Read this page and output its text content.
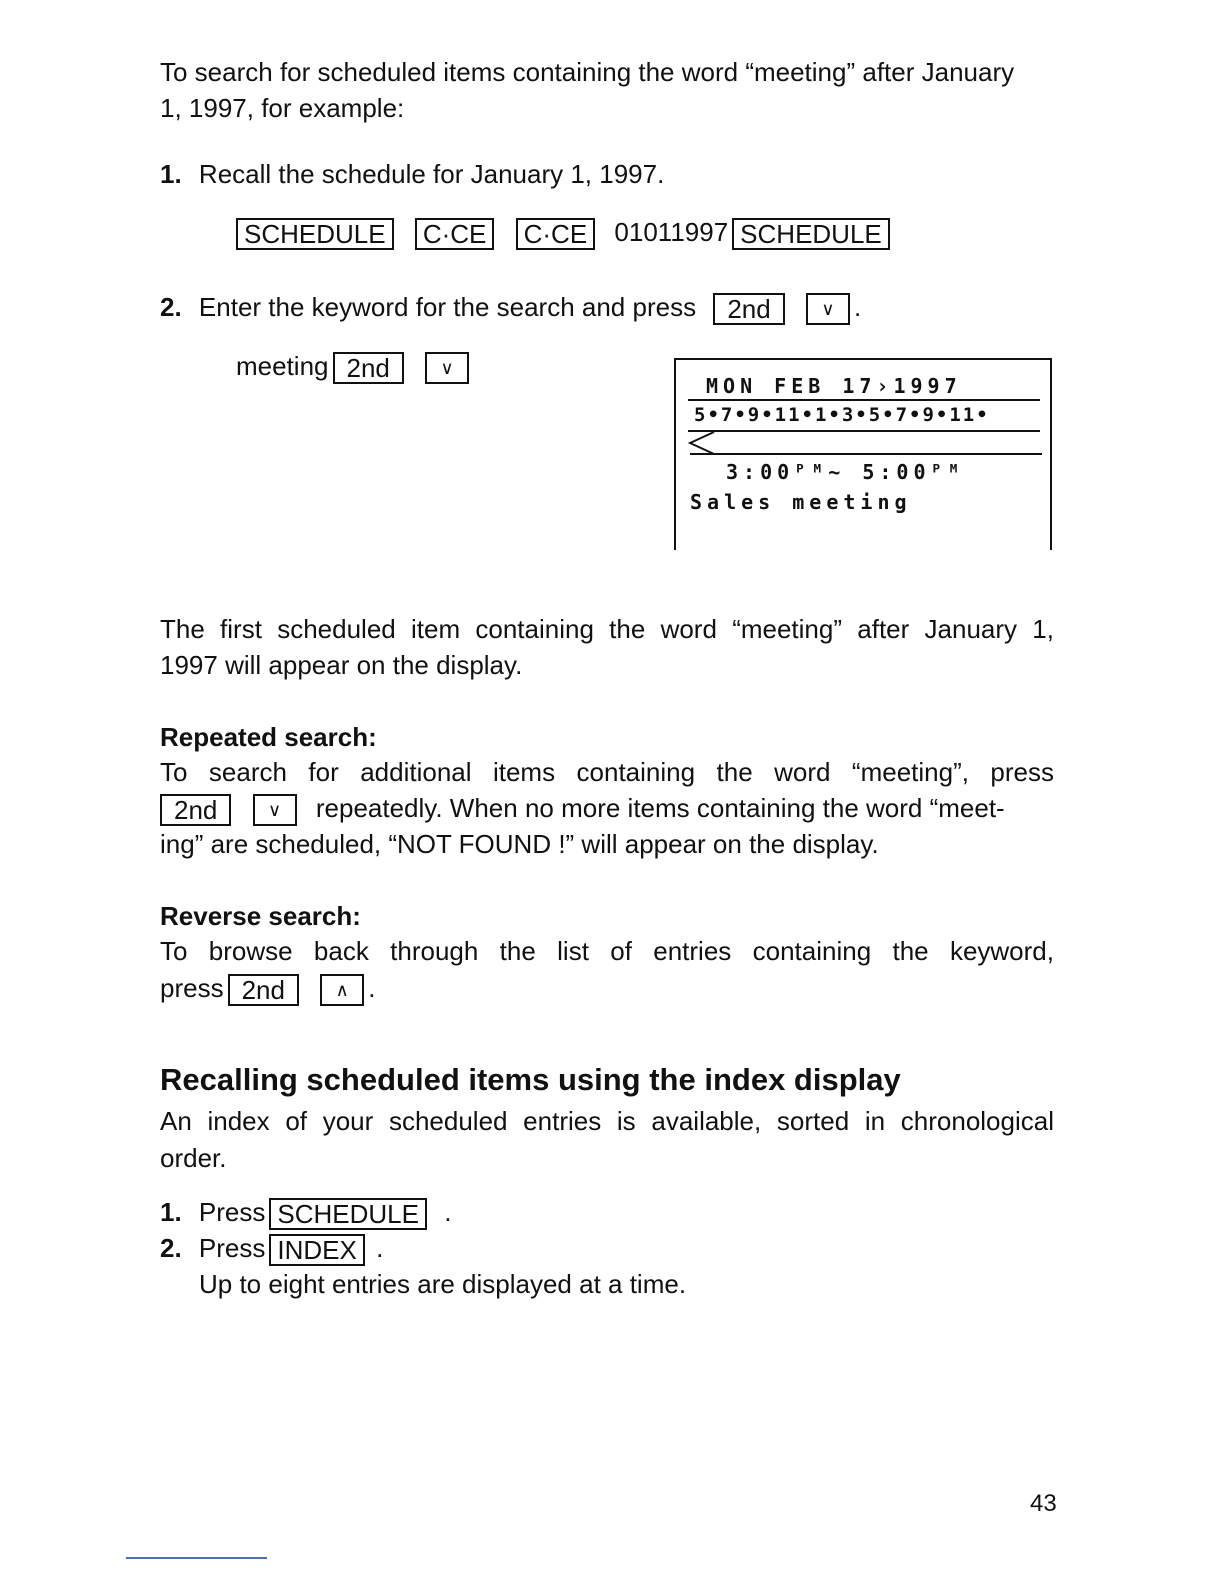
To search for scheduled items containing the word “meeting” after January
1, 1997, for example:
1. Recall the schedule for January 1, 1997.
SCHEDULE C·CE C·CE 01011997 SCHEDULE
2. Enter the keyword for the search and press 2nd	∨ .
meeting 2nd	∨
MON FEB 17›1997
5•7•9•11•1•3•5•7•9•11•
3:00ᴾᴹ~ 5:00ᴾᴹ
Sales meeting
The first scheduled item containing the word “meeting” after January 1,
1997 will appear on the display.
Repeated search:
To search for additional items containing the word “meeting”, press
2nd	∨ repeatedly. When no more items containing the word “meet-
ing” are scheduled, “NOT FOUND !” will appear on the display.
Reverse search:
To browse back through the list of entries containing the keyword,
press 2nd	∧ .
Recalling scheduled items using the index display
An index of your scheduled entries is available, sorted in chronological
order.
1. Press SCHEDULE .
2. Press INDEX .
Up to eight entries are displayed at a time.
43
